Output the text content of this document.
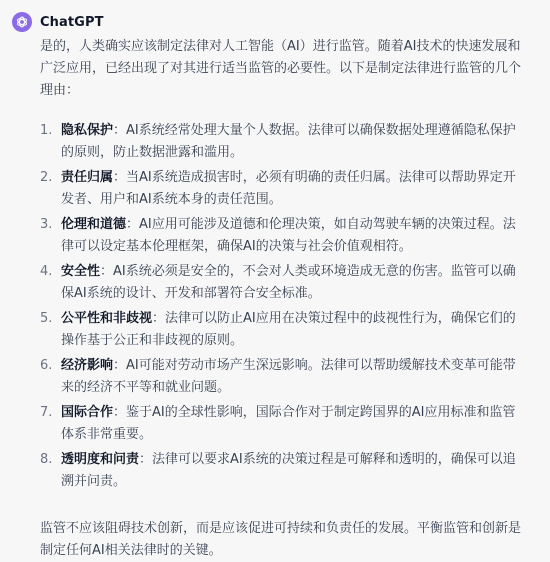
ChatGPT

是的，人类确实应该制定法律对人工智能（AI）进行监管。随着AI技术的快速发展和广泛应用，已经出现了对其进行适当监管的必要性。以下是制定法律进行监管的几个理由：

1. 隐私保护：AI系统经常处理大量个人数据。法律可以确保数据处理遵循隐私保护的原则，防止数据泄露和滥用。
2. 责任归属：当AI系统造成损害时，必须有明确的责任归属。法律可以帮助界定开发者、用户和AI系统本身的责任范围。
3. 伦理和道德：AI应用可能涉及道德和伦理决策，如自动驾驶车辆的决策过程。法律可以设定基本伦理框架，确保AI的决策与社会价值观相符。
4. 安全性：AI系统必须是安全的，不会对人类或环境造成无意的伤害。监管可以确保AI系统的设计、开发和部署符合安全标准。
5. 公平性和非歧视：法律可以防止AI应用在决策过程中的歧视性行为，确保它们的操作基于公正和非歧视的原则。
6. 经济影响：AI可能对劳动市场产生深远影响。法律可以帮助缓解技术变革可能带来的经济不平等和就业问题。
7. 国际合作：鉴于AI的全球性影响，国际合作对于制定跨国界的AI应用标准和监管体系非常重要。
8. 透明度和问责：法律可以要求AI系统的决策过程是可解释和透明的，确保可以追溯并问责。

监管不应该阻碍技术创新，而是应该促进可持续和负责任的发展。平衡监管和创新是制定任何AI相关法律时的关键。
